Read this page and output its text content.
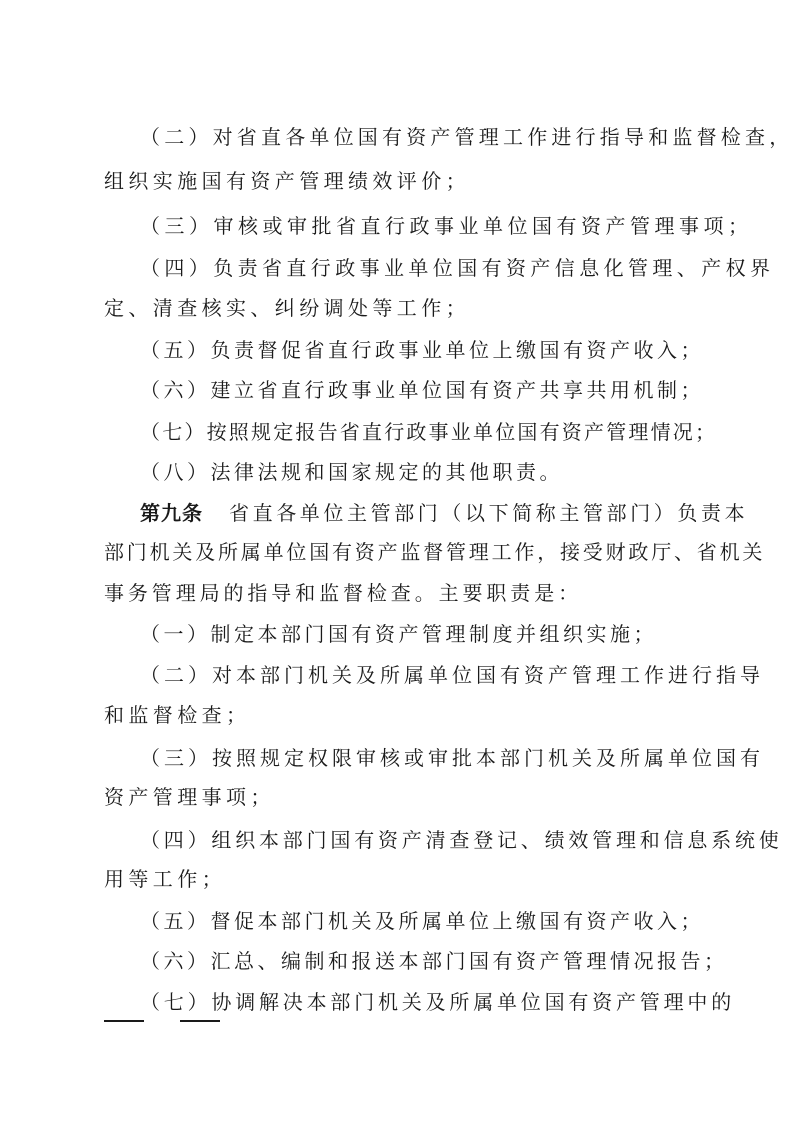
（二）对省直各单位国有资产管理工作进行指导和监督检查，
组织实施国有资产管理绩效评价；
（三）审核或审批省直行政事业单位国有资产管理事项；
（四）负责省直行政事业单位国有资产信息化管理、产权界
定、清查核实、纠纷调处等工作；
（五）负责督促省直行政事业单位上缴国有资产收入；
（六）建立省直行政事业单位国有资产共享共用机制；
（七）按照规定报告省直行政事业单位国有资产管理情况；
（八）法律法规和国家规定的其他职责。
第九条 省直各单位主管部门（以下简称主管部门）负责本
部门机关及所属单位国有资产监督管理工作，接受财政厅、省机关
事务管理局的指导和监督检查。主要职责是：
（一）制定本部门国有资产管理制度并组织实施；
（二）对本部门机关及所属单位国有资产管理工作进行指导
和监督检查；
（三）按照规定权限审核或审批本部门机关及所属单位国有
资产管理事项；
（四）组织本部门国有资产清查登记、绩效管理和信息系统使
用等工作；
（五）督促本部门机关及所属单位上缴国有资产收入；
（六）汇总、编制和报送本部门国有资产管理情况报告；
（七）协调解决本部门机关及所属单位国有资产管理中的
